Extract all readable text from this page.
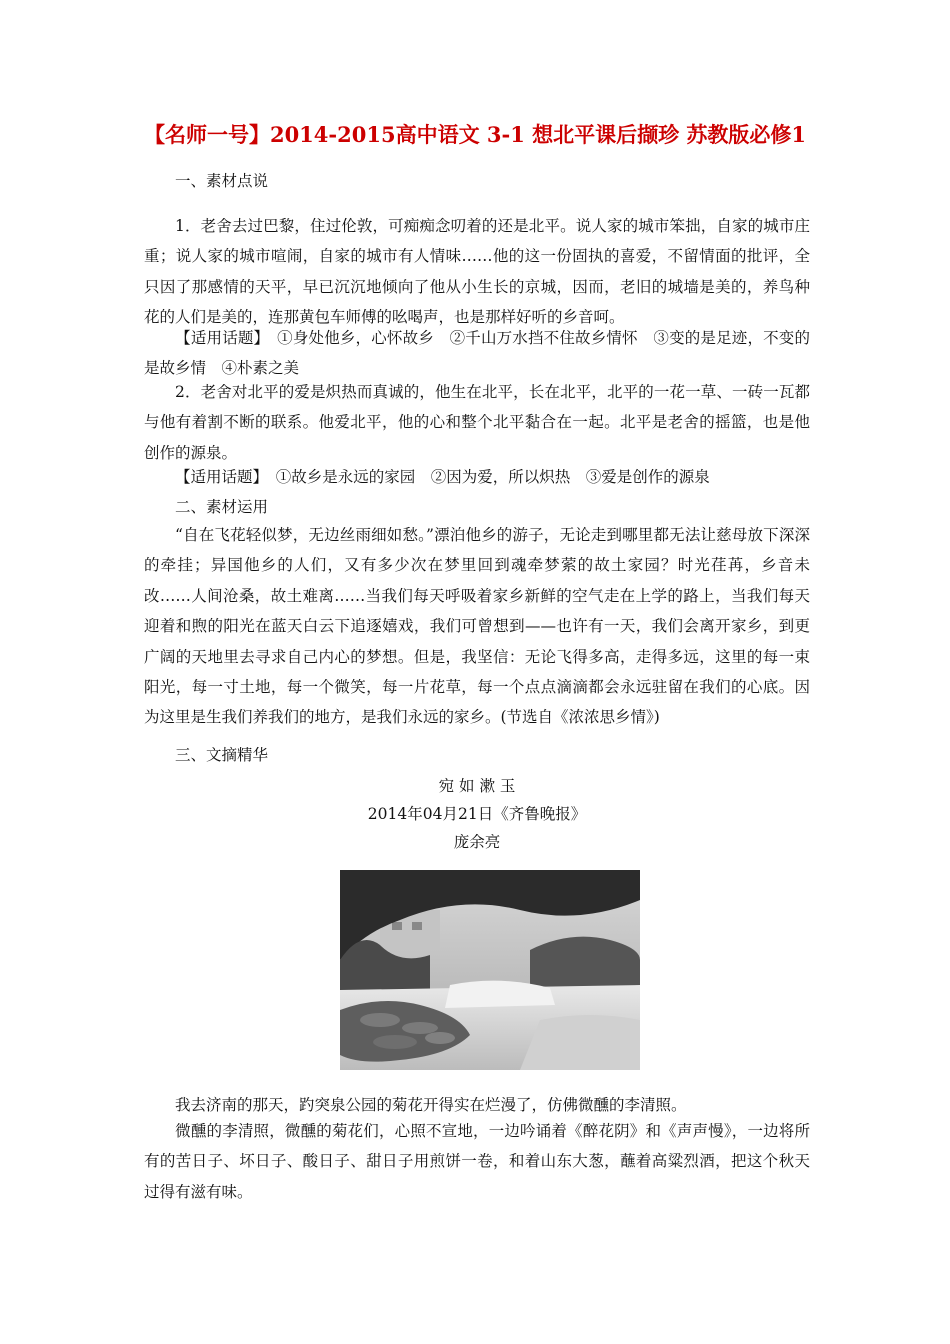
【名师一号】2014-2015高中语文 3-1 想北平课后撷珍 苏教版必修1
一、素材点说
1．老舍去过巴黎，住过伦敦，可痴痴念叨着的还是北平。说人家的城市笨拙，自家的城市庄重；说人家的城市喧闹，自家的城市有人情味……他的这一份固执的喜爱，不留情面的批评，全只因了那感情的天平，早已沉沉地倾向了他从小生长的京城，因而，老旧的城墙是美的，养鸟种花的人们是美的，连那黄包车师傅的吆喝声，也是那样好听的乡音呵。
【适用话题】　①身处他乡，心怀故乡　②千山万水挡不住故乡情怀　③变的是足迹，不变的是故乡情　④朴素之美
2．老舍对北平的爱是炽热而真诚的，他生在北平，长在北平，北平的一花一草、一砖一瓦都与他有着割不断的联系。他爱北平，他的心和整个北平黏合在一起。北平是老舍的摇篮，也是他创作的源泉。
【适用话题】　①故乡是永远的家园　②因为爱，所以炽热　③爱是创作的源泉
二、素材运用
“自在飞花轻似梦，无边丝雨细如愁。”漂泊他乡的游子，无论走到哪里都无法让慈母放下深深的牵挂；异国他乡的人们，又有多少次在梦里回到魂牵梦萦的故土家园？时光荏苒，乡音未改……人间沧桑，故土难离……当我们每天呼吸着家乡新鲜的空气走在上学的路上，当我们每天迎着和煦的阳光在蓝天白云下追逐嬉戏，我们可曾想到——也许有一天，我们会离开家乡，到更广阔的天地里去寻求自己内心的梦想。但是，我坚信：无论飞得多高，走得多远，这里的每一束阳光，每一寸土地，每一个微笑，每一片花草，每一个点点滴滴都会永远驻留在我们的心底。因为这里是生我们养我们的地方，是我们永远的家乡。(节选自《浓浓思乡情》)
三、文摘精华
宛 如 漱 玉
2014年04月21日《齐鲁晚报》
庞余亮
我去济南的那天，趵突泉公园的菊花开得实在烂漫了，仿佛微醺的李清照。
微醺的李清照，微醺的菊花们，心照不宣地，一边吟诵着《醉花阴》和《声声慢》，一边将所有的苦日子、坏日子、酸日子、甜日子用煎饼一卷，和着山东大葱，蘸着高粱烈酒，把这个秋天过得有滋有味。
